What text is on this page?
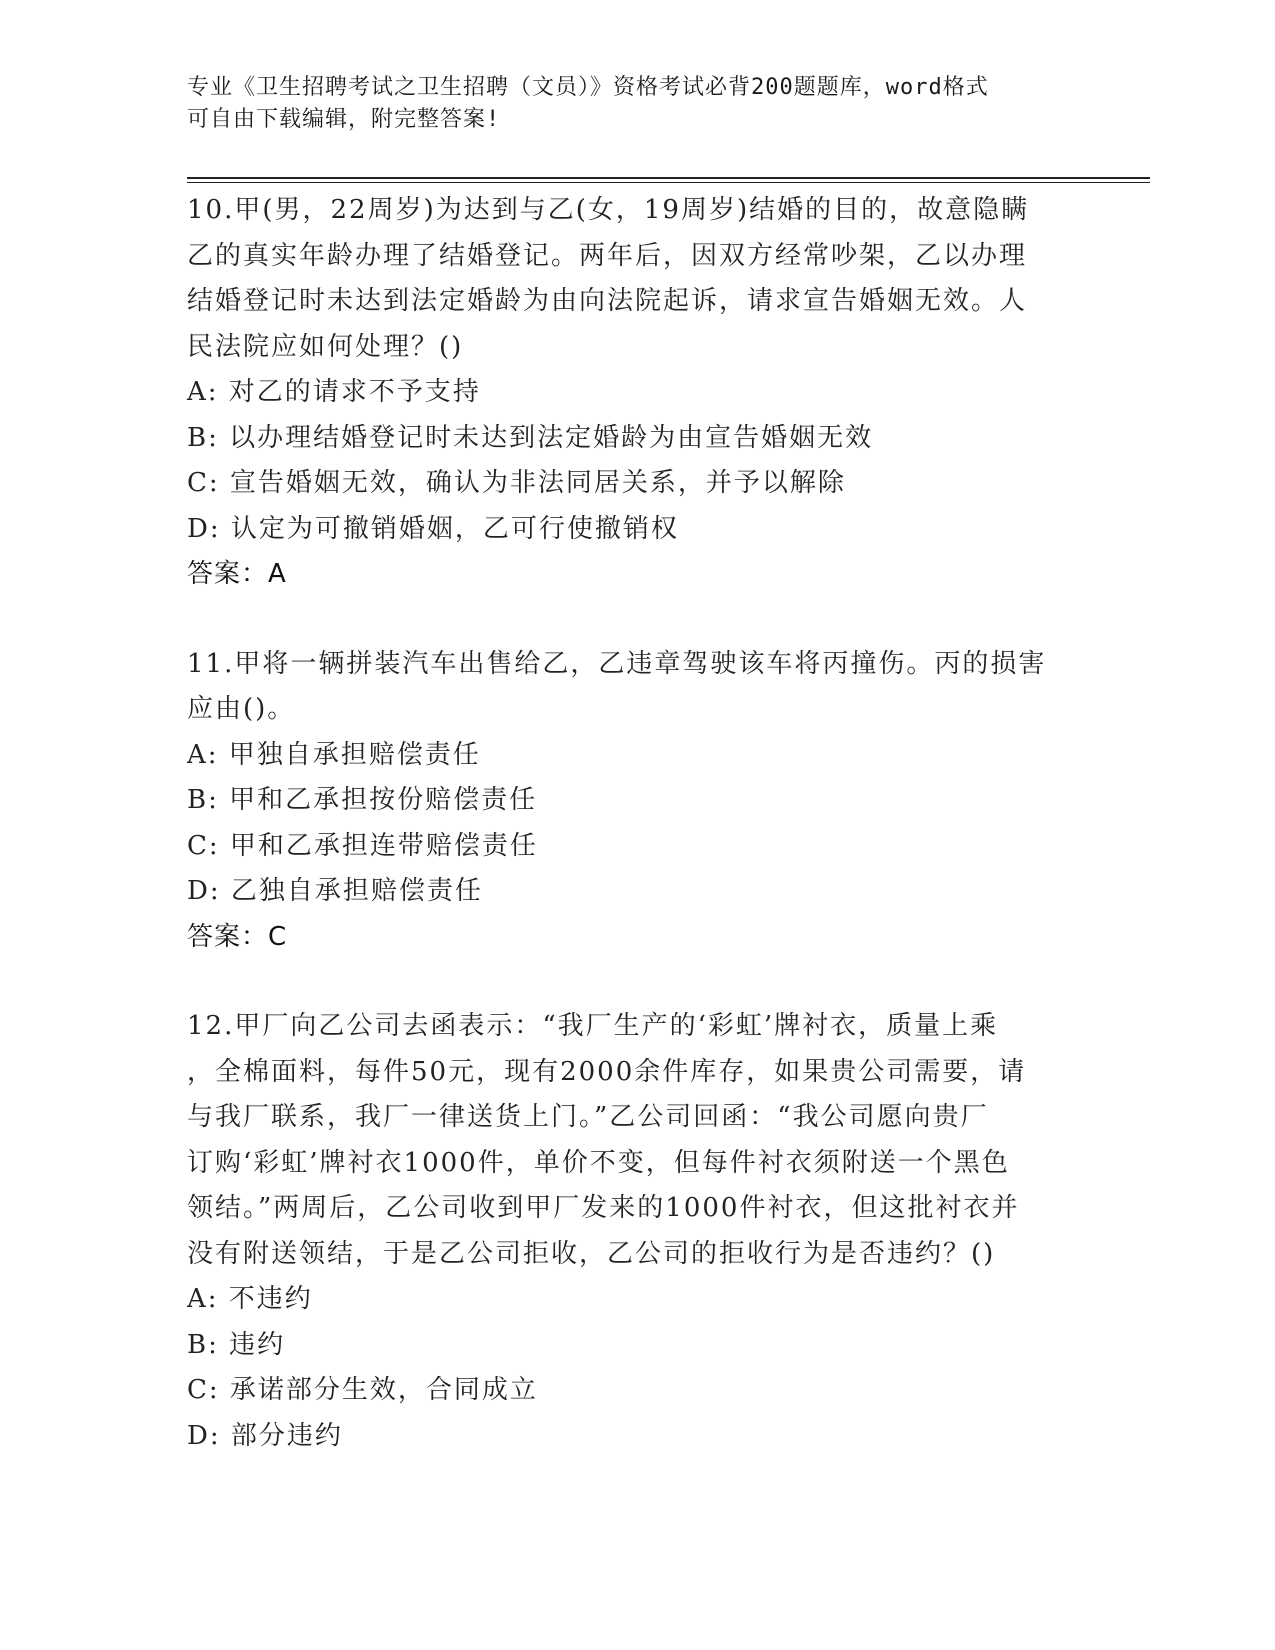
专业《卫生招聘考试之卫生招聘（文员）》资格考试必背200题题库，word格式
可自由下载编辑，附完整答案!
10.甲(男，22周岁)为达到与乙(女，19周岁)结婚的目的，故意隐瞒
乙的真实年龄办理了结婚登记。两年后，因双方经常吵架，乙以办理
结婚登记时未达到法定婚龄为由向法院起诉，请求宣告婚姻无效。人
民法院应如何处理？()
A: 对乙的请求不予支持
B: 以办理结婚登记时未达到法定婚龄为由宣告婚姻无效
C: 宣告婚姻无效，确认为非法同居关系，并予以解除
D: 认定为可撤销婚姻，乙可行使撤销权
答案：A
11.甲将一辆拼装汽车出售给乙，乙违章驾驶该车将丙撞伤。丙的损害
应由()。
A: 甲独自承担赔偿责任
B: 甲和乙承担按份赔偿责任
C: 甲和乙承担连带赔偿责任
D: 乙独自承担赔偿责任
答案：C
12.甲厂向乙公司去函表示：“我厂生产的‘彩虹’牌衬衣，质量上乘
，全棉面料，每件50元，现有2000余件库存，如果贵公司需要，请
与我厂联系，我厂一律送货上门。”乙公司回函：“我公司愿向贵厂
订购‘彩虹’牌衬衣1000件，单价不变，但每件衬衣须附送一个黑色
领结。”两周后，乙公司收到甲厂发来的1000件衬衣，但这批衬衣并
没有附送领结，于是乙公司拒收，乙公司的拒收行为是否违约？()
A: 不违约
B: 违约
C: 承诺部分生效，合同成立
D: 部分违约
